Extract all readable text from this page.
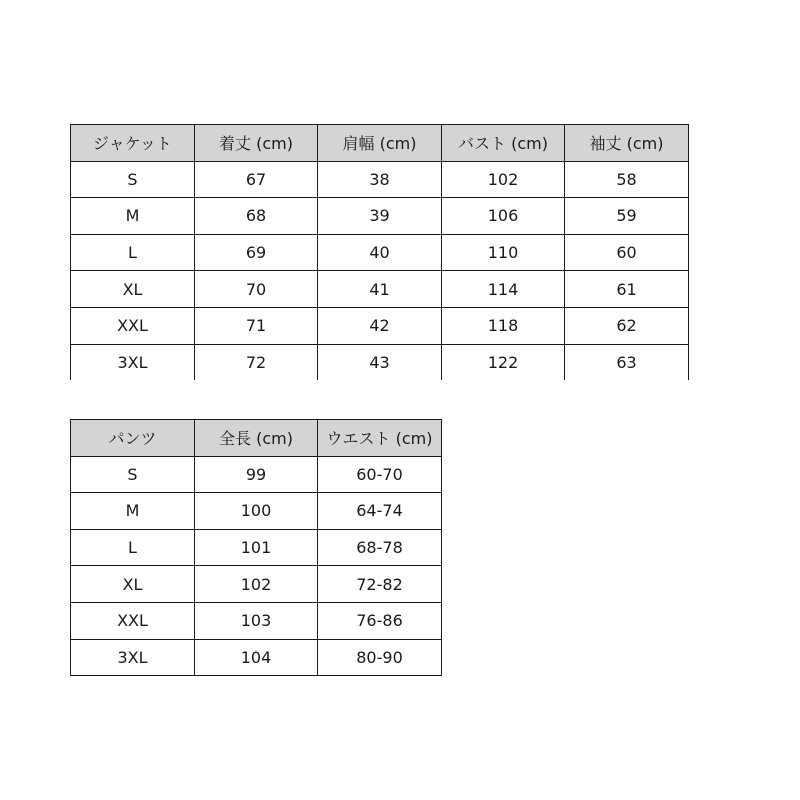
ジャケット	着丈 (cm)	肩幅 (cm)	バスト (cm)	袖丈 (cm)
S	67	38	102	58
M	68	39	106	59
L	69	40	110	60
XL	70	41	114	61
XXL	71	42	118	62
3XL	72	43	122	63
パンツ	全長 (cm)	ウエスト (cm)
S	99	60-70
M	100	64-74
L	101	68-78
XL	102	72-82
XXL	103	76-86
3XL	104	80-90
